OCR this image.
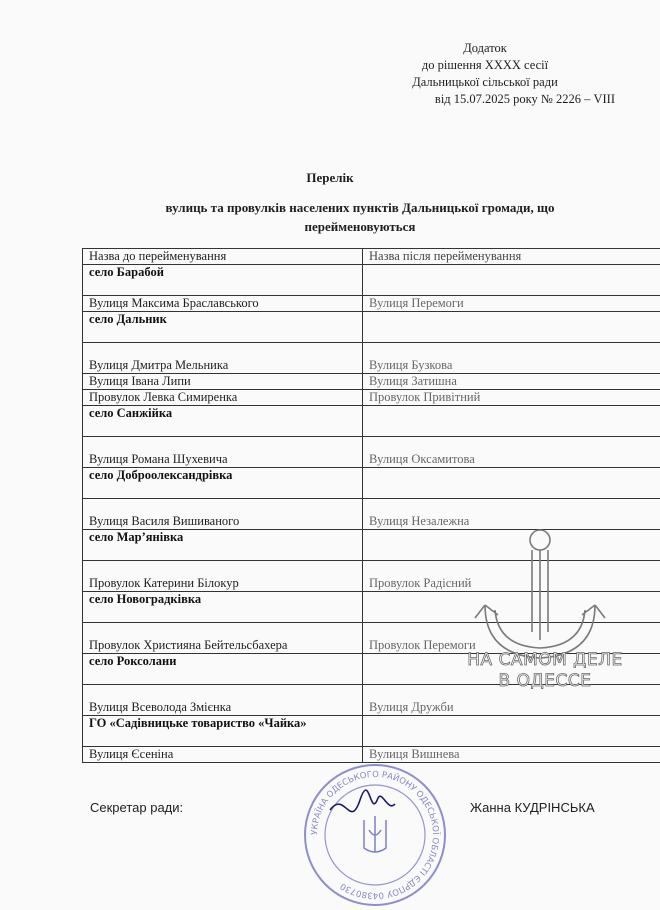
Додаток
до рішення XXXX сесії
Дальницької сільської ради
від 15.07.2025 року № 2226 – VIII
Перелік
вулиць та провулків населених пунктів Дальницької громади, що перейменовуються
Назва до перейменування	Назва після перейменування
село Барабой	
Вулиця Максима Браславського	Вулиця Перемоги
село Дальник	
Вулиця Дмитра Мельника	Вулиця Бузкова
Вулиця Івана Липи	Вулиця Затишна
Провулок Левка Симиренка	Провулок Привітний
село Санжійка	
Вулиця Романа Шухевича	Вулиця Оксамитова
село Доброолександрівка	
Вулиця Василя Вишиваного	Вулиця Незалежна
село Мар’янівка	
Провулок Катерини Білокур	Провулок Радісний
село Новоградківка	
Провулок Християна Бейтельсбахера	Провулок Перемоги
село Роксолани	
Вулиця Всеволода Змієнка	Вулиця Дружби
ГО «Садівницьке товариство «Чайка»	
Вулиця Єсеніна	Вулиця Вишнева
Секретар ради:	Жанна КУДРІНСЬКА
НА САМОМ ДЕЛЕ
В ОДЕССЕ
УКРАЇНА ОДЕСЬКОГО РАЙОНУ ОДЕСЬКОЇ ОБЛАСТІ ЄДРПОУ 04380730
